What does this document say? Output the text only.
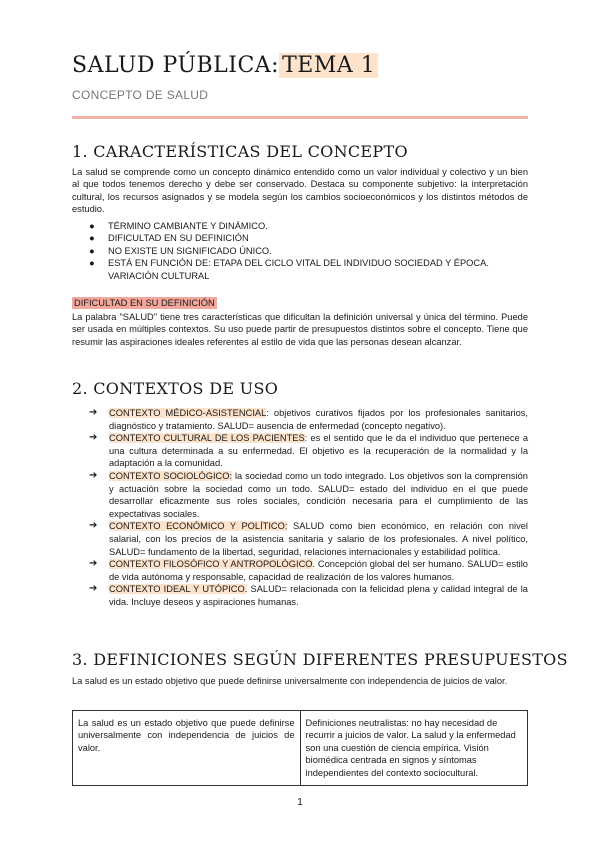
SALUD PÚBLICA: TEMA 1
CONCEPTO DE SALUD
1. CARACTERÍSTICAS DEL CONCEPTO
La salud se comprende como un concepto dinámico entendido como un valor individual y colectivo y un bien al que todos tenemos derecho y debe ser conservado. Destaca su componente subjetivo: la interpretación cultural, los recursos asignados y se modela según los cambios socioeconómicos y los distintos métodos de estudio.
● TÉRMINO CAMBIANTE Y DINÁMICO.
● DIFICULTAD EN SU DEFINICIÓN
● NO EXISTE UN SIGNIFICADO ÚNICO.
● ESTÁ EN FUNCIÓN DE: ETAPA DEL CICLO VITAL DEL INDIVIDUO SOCIEDAD Y ÉPOCA. VARIACIÓN CULTURAL
DIFICULTAD EN SU DEFINICIÓN
La palabra "SALUD" tiene tres características que dificultan la definición universal y única del término. Puede ser usada en múltiples contextos. Su uso puede partir de presupuestos distintos sobre el concepto. Tiene que resumir las aspiraciones ideales referentes al estilo de vida que las personas desean alcanzar.
2. CONTEXTOS DE USO
➔ CONTEXTO MÉDICO-ASISTENCIAL: objetivos curativos fijados por los profesionales sanitarios, diagnóstico y tratamiento. SALUD= ausencia de enfermedad (concepto negativo).
➔ CONTEXTO CULTURAL DE LOS PACIENTES: es el sentido que le da el individuo que pertenece a una cultura determinada a su enfermedad. El objetivo es la recuperación de la normalidad y la adaptación a la comunidad.
➔ CONTEXTO SOCIOLÓGICO: la sociedad como un todo integrado. Los objetivos son la comprensión y actuación sobre la sociedad como un todo. SALUD= estado del individuo en el que puede desarrollar eficazmente sus roles sociales, condición necesaria para el cumplimiento de las expectativas sociales.
➔ CONTEXTO ECONÓMICO Y POLÍTICO: SALUD como bien económico, en relación con nivel salarial, con los precios de la asistencia sanitaria y salario de los profesionales. A nivel político, SALUD= fundamento de la libertad, seguridad, relaciones internacionales y estabilidad política.
➔ CONTEXTO FILOSÓFICO Y ANTROPOLÓGICO. Concepción global del ser humano. SALUD= estilo de vida autónoma y responsable, capacidad de realización de los valores humanos.
➔ CONTEXTO IDEAL Y UTÓPICO. SALUD= relacionada con la felicidad plena y calidad integral de la vida. Incluye deseos y aspiraciones humanas.
3. DEFINICIONES SEGÚN DIFERENTES PRESUPUESTOS
La salud es un estado objetivo que puede definirse universalmente con independencia de juicios de valor.
La salud es un estado objetivo que puede definirse universalmente con independencia de juicios de valor.	Definiciones neutralistas: no hay necesidad de recurrir a juicios de valor. La salud y la enfermedad son una cuestión de ciencia empírica. Visión biomédica centrada en signos y síntomas independientes del contexto sociocultural.
1
